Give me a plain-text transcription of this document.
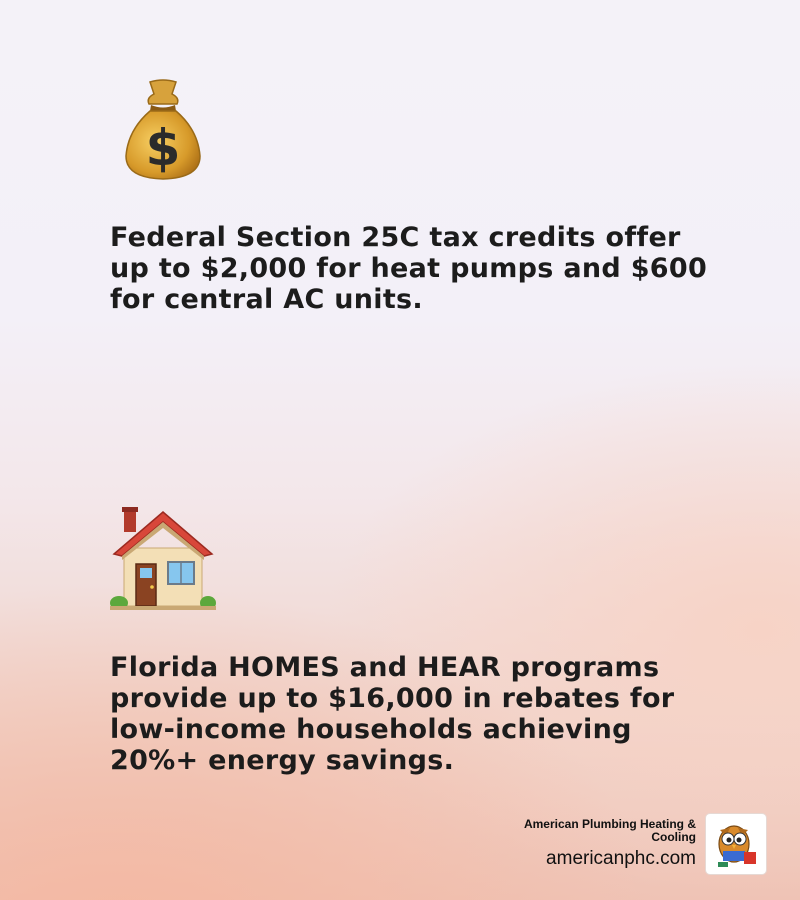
$

Federal Section 25C tax credits offer up to $2,000 for heat pumps and $600 for central AC units.

Florida HOMES and HEAR programs provide up to $16,000 in rebates for low-income households achieving 20%+ energy savings.

American Plumbing Heating & Cooling
americanphc.com
